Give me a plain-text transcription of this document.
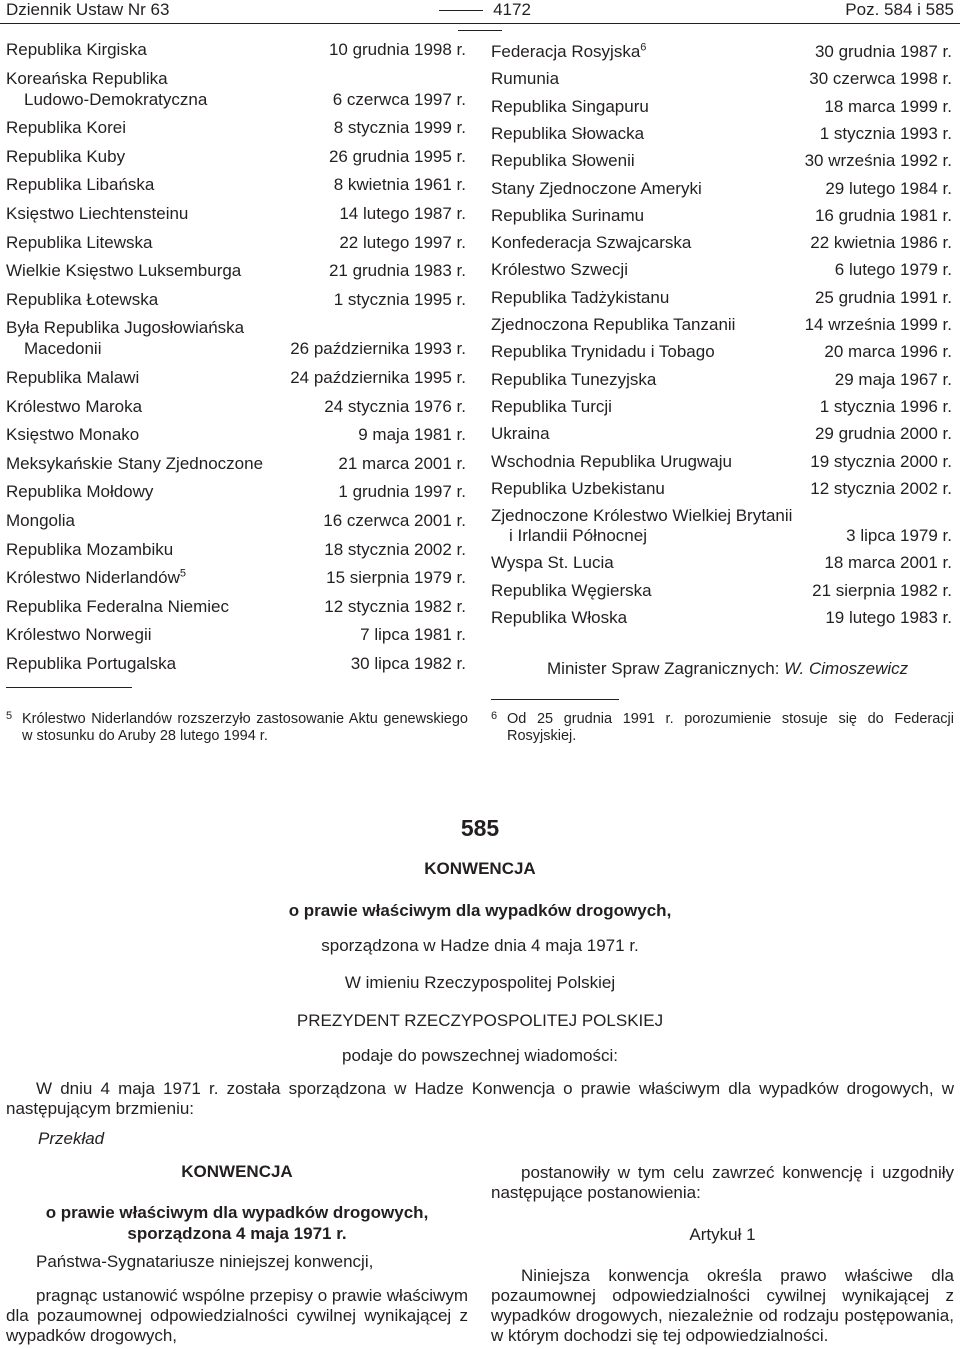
Dziennik Ustaw Nr 63	4172	Poz. 584 i 585
Republika Kirgiska	10 grudnia 1998 r.
Koreańska Republika
Ludowo-Demokratyczna	6 czerwca 1997 r.
Republika Korei	8 stycznia 1999 r.
Republika Kuby	26 grudnia 1995 r.
Republika Libańska	8 kwietnia 1961 r.
Księstwo Liechtensteinu	14 lutego 1987 r.
Republika Litewska	22 lutego 1997 r.
Wielkie Księstwo Luksemburga	21 grudnia 1983 r.
Republika Łotewska	1 stycznia 1995 r.
Była Republika Jugosłowiańska
Macedonii	26 października 1993 r.
Republika Malawi	24 października 1995 r.
Królestwo Maroka	24 stycznia 1976 r.
Księstwo Monako	9 maja 1981 r.
Meksykańskie Stany Zjednoczone	21 marca 2001 r.
Republika Mołdowy	1 grudnia 1997 r.
Mongolia	16 czerwca 2001 r.
Republika Mozambiku	18 stycznia 2002 r.
Królestwo Niderlandów$^5$	15 sierpnia 1979 r.
Republika Federalna Niemiec	12 stycznia 1982 r.
Królestwo Norwegii	7 lipca 1981 r.
Republika Portugalska	30 lipca 1982 r.
Federacja Rosyjska$^6$	30 grudnia 1987 r.
Rumunia	30 czerwca 1998 r.
Republika Singapuru	18 marca 1999 r.
Republika Słowacka	1 stycznia 1993 r.
Republika Słowenii	30 września 1992 r.
Stany Zjednoczone Ameryki	29 lutego 1984 r.
Republika Surinamu	16 grudnia 1981 r.
Konfederacja Szwajcarska	22 kwietnia 1986 r.
Królestwo Szwecji	6 lutego 1979 r.
Republika Tadżykistanu	25 grudnia 1991 r.
Zjednoczona Republika Tanzanii	14 września 1999 r.
Republika Trynidadu i Tobago	20 marca 1996 r.
Republika Tunezyjska	29 maja 1967 r.
Republika Turcji	1 stycznia 1996 r.
Ukraina	29 grudnia 2000 r.
Wschodnia Republika Urugwaju	19 stycznia 2000 r.
Republika Uzbekistanu	12 stycznia 2002 r.
Zjednoczone Królestwo Wielkiej Brytanii
i Irlandii Północnej	3 lipca 1979 r.
Wyspa St. Lucia	18 marca 2001 r.
Republika Węgierska	21 sierpnia 1982 r.
Republika Włoska	19 lutego 1983 r.
5 Królestwo Niderlandów rozszerzyło zastosowanie Aktu genewskiego w stosunku do Aruby 28 lutego 1994 r.
Minister Spraw Zagranicznych: W. Cimoszewicz
6 Od 25 grudnia 1991 r. porozumienie stosuje się do Federacji Rosyjskiej.
585
KONWENCJA
o prawie właściwym dla wypadków drogowych,
sporządzona w Hadze dnia 4 maja 1971 r.
W imieniu Rzeczypospolitej Polskiej
PREZYDENT RZECZYPOSPOLITEJ POLSKIEJ
podaje do powszechnej wiadomości:
W dniu 4 maja 1971 r. została sporządzona w Hadze Konwencja o prawie właściwym dla wypadków drogowych, w następującym brzmieniu:
Przekład
KONWENCJA
o prawie właściwym dla wypadków drogowych,
sporządzona 4 maja 1971 r.
Państwa-Sygnatariusze niniejszej konwencji,
pragnąc ustanowić wspólne przepisy o prawie właściwym dla pozaumownej odpowiedzialności cywilnej wynikającej z wypadków drogowych,
postanowiły w tym celu zawrzeć konwencję i uzgodniły następujące postanowienia:
Artykuł 1
Niniejsza konwencja określa prawo właściwe dla pozaumownej odpowiedzialności cywilnej wynikającej z wypadków drogowych, niezależnie od rodzaju postępowania, w którym dochodzi się tej odpowiedzialności.
